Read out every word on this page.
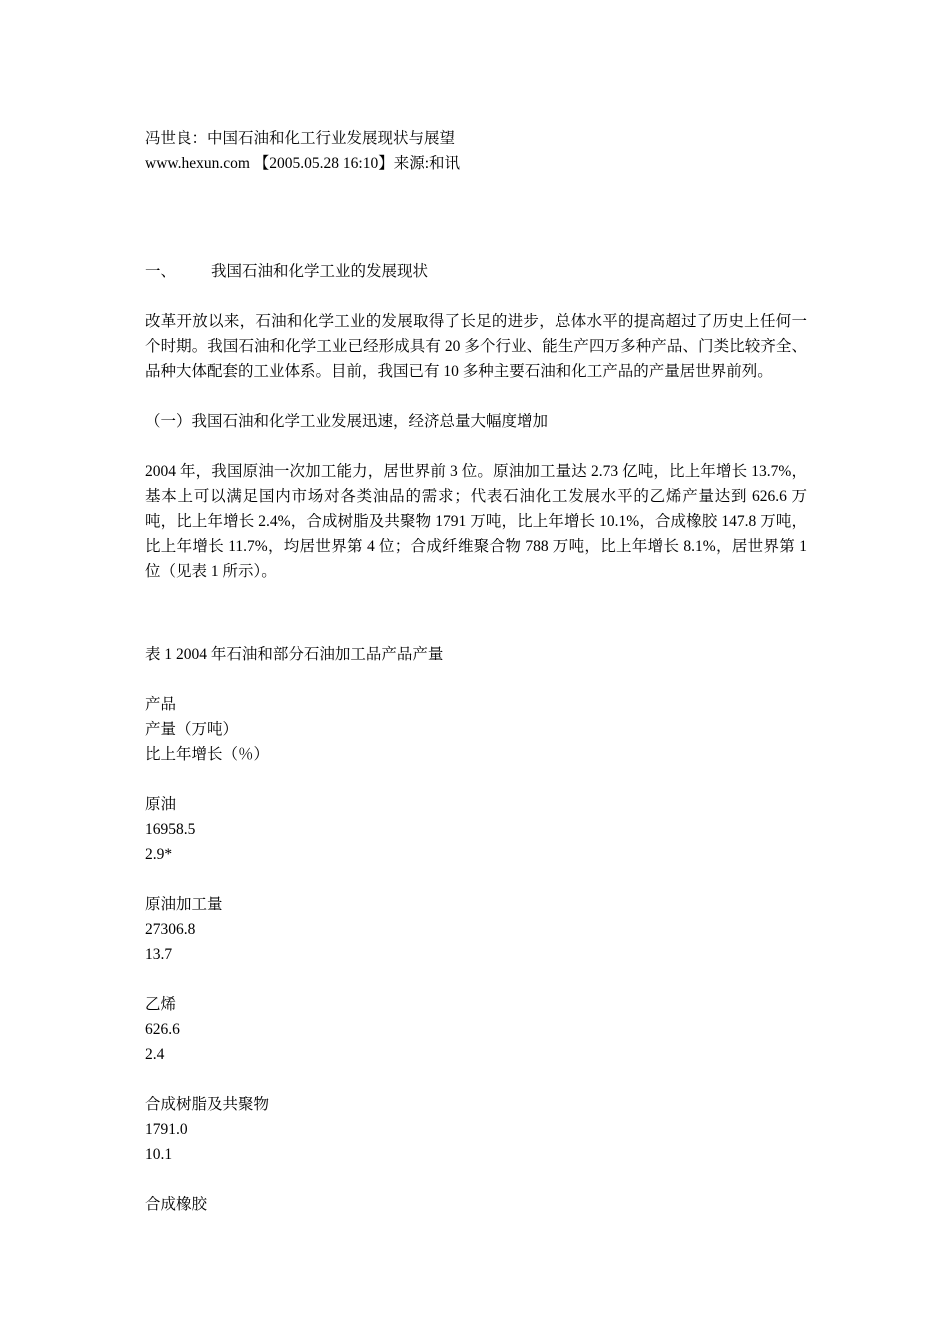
冯世良：中国石油和化工行业发展现状与展望
www.hexun.com 【2005.05.28 16:10】来源:和讯
一、 我国石油和化学工业的发展现状
改革开放以来，石油和化学工业的发展取得了长足的进步，总体水平的提高超过了历史上任何一个时期。我国石油和化学工业已经形成具有 20 多个行业、能生产四万多种产品、门类比较齐全、品种大体配套的工业体系。目前，我国已有 10 多种主要石油和化工产品的产量居世界前列。
（一）我国石油和化学工业发展迅速，经济总量大幅度增加
2004 年，我国原油一次加工能力，居世界前 3 位。原油加工量达 2.73 亿吨，比上年增长 13.7%，基本上可以满足国内市场对各类油品的需求；代表石油化工发展水平的乙烯产量达到 626.6 万吨，比上年增长 2.4%，合成树脂及共聚物 1791 万吨，比上年增长 10.1%，合成橡胶 147.8 万吨，比上年增长 11.7%，均居世界第 4 位；合成纤维聚合物 788 万吨，比上年增长 8.1%，居世界第 1 位（见表 1 所示）。
表 1 2004 年石油和部分石油加工品产品产量
产品
产量（万吨）
比上年增长（％）
原油
16958.5
2.9*
原油加工量
27306.8
13.7
乙烯
626.6
2.4
合成树脂及共聚物
1791.0
10.1
合成橡胶
